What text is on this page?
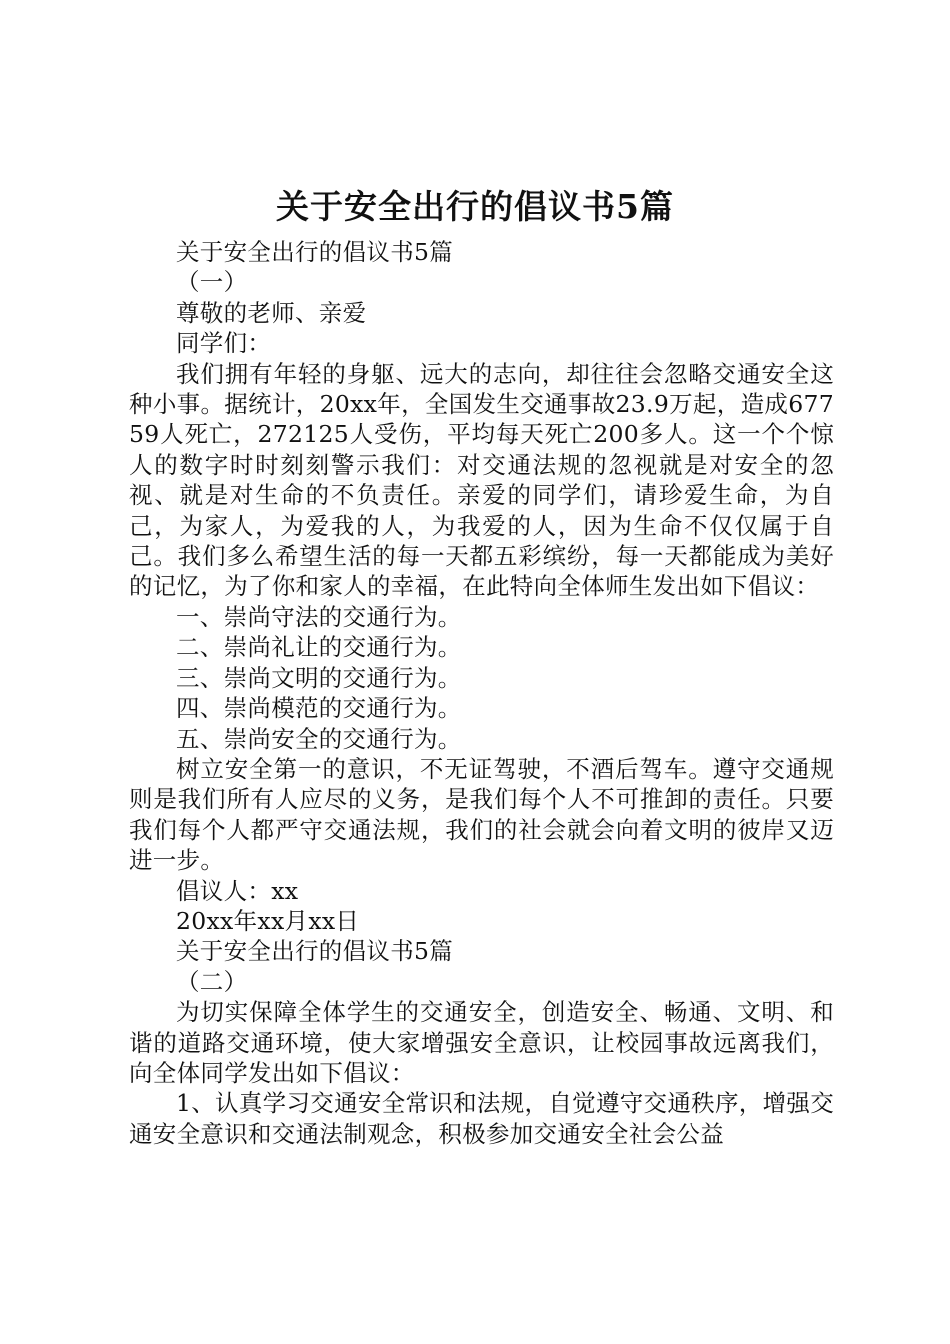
关于安全出行的倡议书5篇

关于安全出行的倡议书5篇

（一）

尊敬的老师、亲爱

同学们：

我们拥有年轻的身躯、远大的志向，却往往会忽略交通安全这种小事。据统计，20xx年，全国发生交通事故23.9万起，造成67759人死亡，272125人受伤，平均每天死亡200多人。这一个个惊人的数字时时刻刻警示我们：对交通法规的忽视就是对安全的忽视、就是对生命的不负责任。亲爱的同学们，请珍爱生命，为自己，为家人，为爱我的人，为我爱的人，因为生命不仅仅属于自己。我们多么希望生活的每一天都五彩缤纷，每一天都能成为美好的记忆，为了你和家人的幸福，在此特向全体师生发出如下倡议：

一、崇尚守法的交通行为。

二、崇尚礼让的交通行为。

三、崇尚文明的交通行为。

四、崇尚模范的交通行为。

五、崇尚安全的交通行为。

树立安全第一的意识，不无证驾驶，不酒后驾车。遵守交通规则是我们所有人应尽的义务，是我们每个人不可推卸的责任。只要我们每个人都严守交通法规，我们的社会就会向着文明的彼岸又迈进一步。

倡议人：xx

20xx年xx月xx日

关于安全出行的倡议书5篇

（二）

为切实保障全体学生的交通安全，创造安全、畅通、文明、和谐的道路交通环境，使大家增强安全意识，让校园事故远离我们，向全体同学发出如下倡议：

1、认真学习交通安全常识和法规，自觉遵守交通秩序，增强交通安全意识和交通法制观念，积极参加交通安全社会公益
